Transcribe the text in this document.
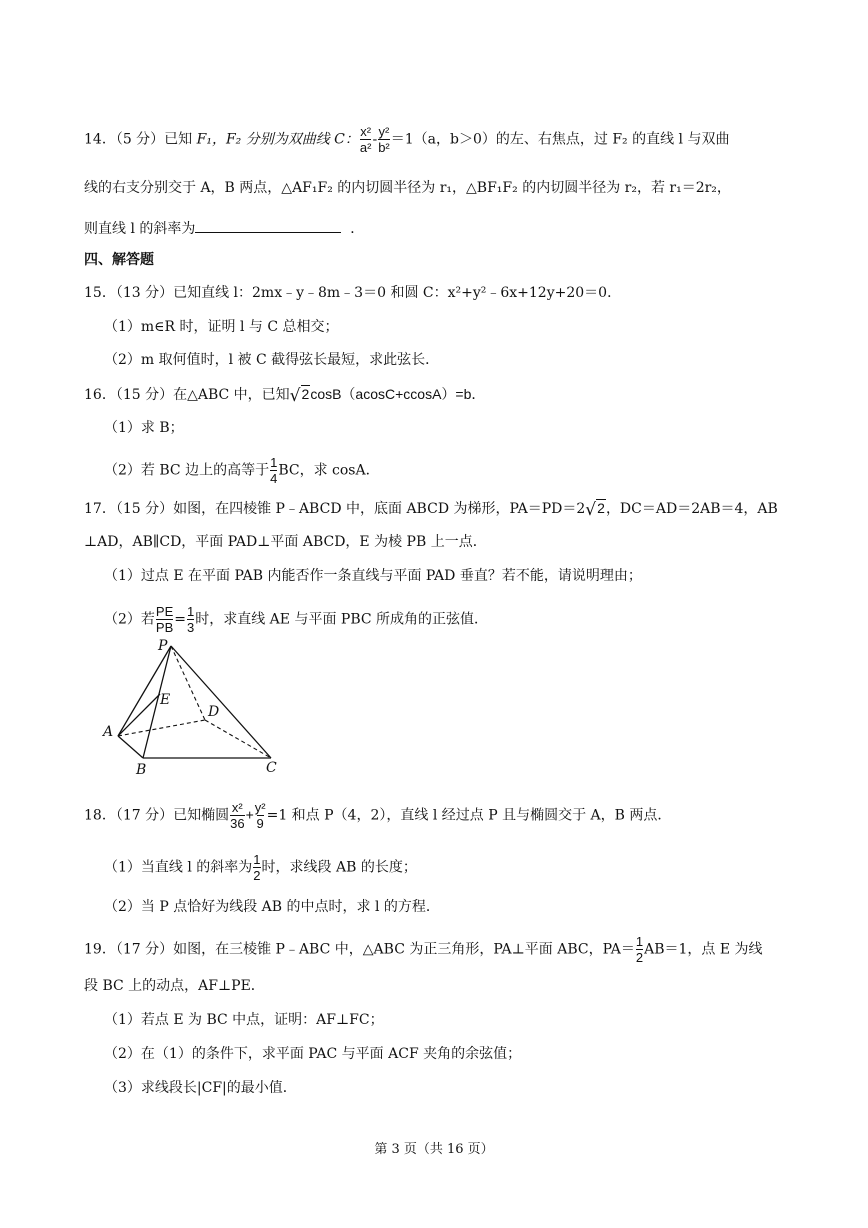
14．（5 分）已知 F₁，F₂ 分别为双曲线 C： $\frac{\text{x²}}{\text{a²}} - \frac{\text{y²}}{\text{b²}} =1(a$，b＞0）的左、右焦点，过 F₂ 的直线 l 与双曲
线的右支分别交于 A，B 两点，△AF₁F₂ 的内切圆半径为 r₁，△BF₁F₂ 的内切圆半径为 r₂，若 r₁＝2r₂，
则直线 l 的斜率为	．
四、解答题
15．（13 分）已知直线 l：2mx﹣y﹣8m﹣3＝0 和圆 C：x²+y²﹣6x+12y+20＝0．
（1）m∈R 时，证明 l 与 C 总相交；
（2）m 取何值时，l 被 C 截得弦长最短，求此弦长．
16．（15 分）在△ABC 中，已知√2cosB（acosC+ccosA）=b．
（1）求 B；
（2）若 BC 边上的高等于 $\frac{1}{4}$ BC，求 cosA．
17．（15 分）如图，在四棱锥 P﹣ABCD 中，底面 ABCD 为梯形，PA＝PD＝2√2，DC＝AD＝2AB＝4，AB
⊥AD，AB∥CD，平面 PAD⊥平面 ABCD，E 为棱 PB 上一点．
（1）过点 E 在平面 PAB 内能否作一条直线与平面 PAD 垂直？若不能，请说明理由；
（2）若 $\frac{PE}{PB} = \frac{1}{3}$ 时，求直线 AE 与平面 PBC 所成角的正弦值．
P
E
D
A
B	C
18．（17 分）已知椭圆 $\frac{\text{x²}}{36} + \frac{\text{y²}}{9} =1$ 和点 P（4，2），直线 l 经过点 P 且与椭圆交于 A，B 两点．
（1）当直线 l 的斜率为 $\frac{1}{2}$ 时，求线段 AB 的长度；
（2）当 P 点恰好为线段 AB 的中点时，求 l 的方程．
19．（17 分）如图，在三棱锥 P﹣ABC 中，△ABC 为正三角形，PA⊥平面 ABC，$PA= \frac{1}{2} AB=1$，点 E 为线
段 BC 上的动点，AF⊥PE．
（1）若点 E 为 BC 中点，证明：AF⊥FC；
（2）在（1）的条件下，求平面 PAC 与平面 ACF 夹角的余弦值；
（3）求线段长|CF|的最小值．
第 3 页（共 16 页）
